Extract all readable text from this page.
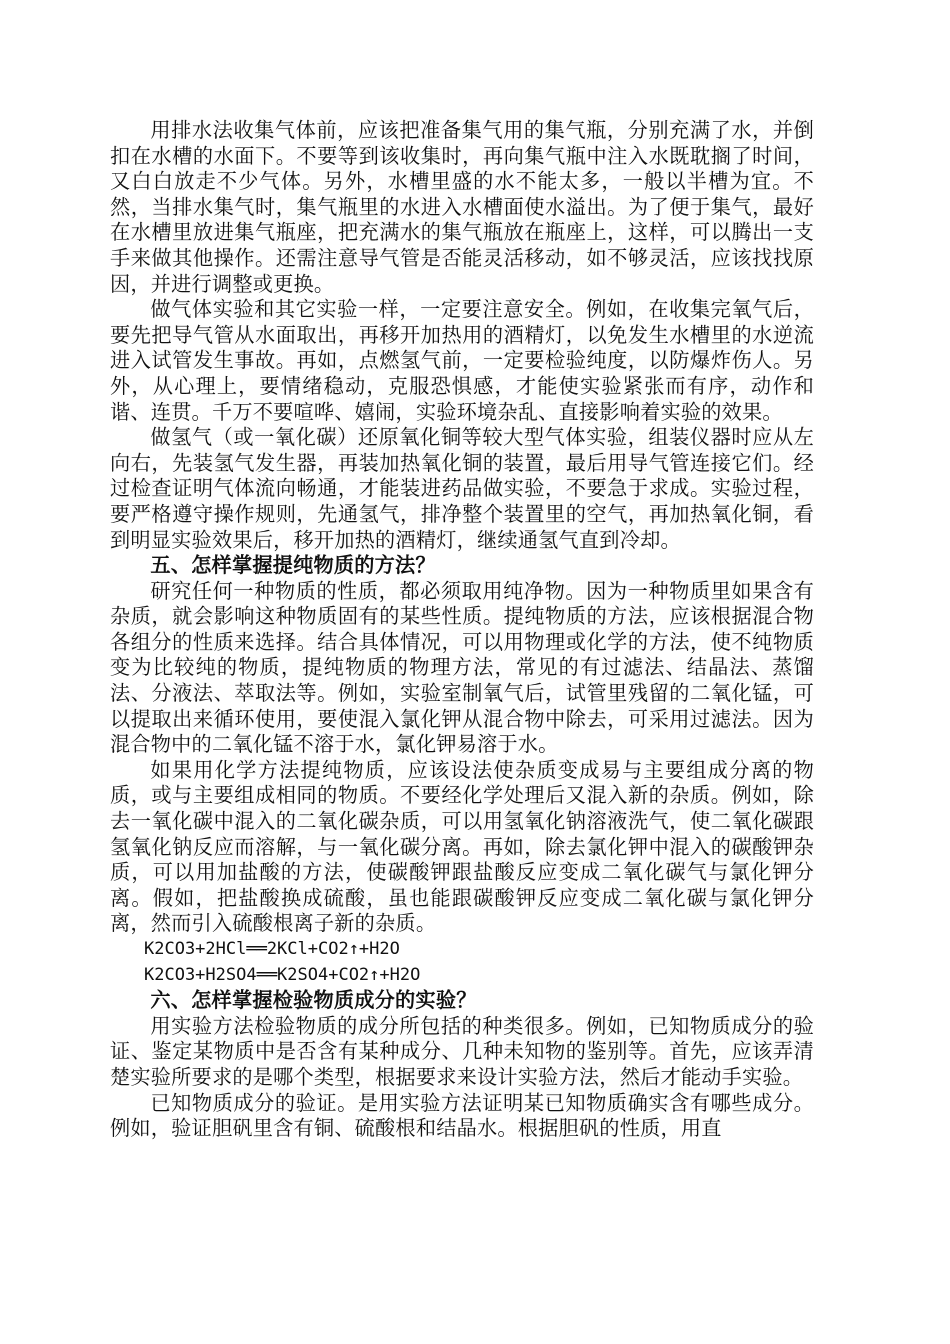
用排水法收集气体前，应该把准备集气用的集气瓶，分别充满了水，并倒扣在水槽的水面下。不要等到该收集时，再向集气瓶中注入水既耽搁了时间，又白白放走不少气体。另外，水槽里盛的水不能太多，一般以半槽为宜。不然，当排水集气时，集气瓶里的水进入水槽面使水溢出。为了便于集气，最好在水槽里放进集气瓶座，把充满水的集气瓶放在瓶座上，这样，可以腾出一支手来做其他操作。还需注意导气管是否能灵活移动，如不够灵活，应该找找原因，并进行调整或更换。

做气体实验和其它实验一样，一定要注意安全。例如，在收集完氧气后，要先把导气管从水面取出，再移开加热用的酒精灯，以免发生水槽里的水逆流进入试管发生事故。再如，点燃氢气前，一定要检验纯度，以防爆炸伤人。另外，从心理上，要情绪稳动，克服恐惧感，才能使实验紧张而有序，动作和谐、连贯。千万不要喧哗、嬉闹，实验环境杂乱、直接影响着实验的效果。

做氢气（或一氧化碳）还原氧化铜等较大型气体实验，组装仪器时应从左向右，先装氢气发生器，再装加热氧化铜的装置，最后用导气管连接它们。经过检查证明气体流向畅通，才能装进药品做实验，不要急于求成。实验过程，要严格遵守操作规则，先通氢气，排净整个装置里的空气，再加热氧化铜，看到明显实验效果后，移开加热的酒精灯，继续通氢气直到冷却。

五、怎样掌握提纯物质的方法？

研究任何一种物质的性质，都必须取用纯净物。因为一种物质里如果含有杂质，就会影响这种物质固有的某些性质。提纯物质的方法，应该根据混合物各组分的性质来选择。结合具体情况，可以用物理或化学的方法，使不纯物质变为比较纯的物质，提纯物质的物理方法，常见的有过滤法、结晶法、蒸馏法、分液法、萃取法等。例如，实验室制氧气后，试管里残留的二氧化锰，可以提取出来循环使用，要使混入氯化钾从混合物中除去，可采用过滤法。因为混合物中的二氧化锰不溶于水，氯化钾易溶于水。

如果用化学方法提纯物质，应该设法使杂质变成易与主要组成分离的物质，或与主要组成相同的物质。不要经化学处理后又混入新的杂质。例如，除去一氧化碳中混入的二氧化碳杂质，可以用氢氧化钠溶液洗气，使二氧化碳跟氢氧化钠反应而溶解，与一氧化碳分离。再如，除去氯化钾中混入的碳酸钾杂质，可以用加盐酸的方法，使碳酸钾跟盐酸反应变成二氧化碳气与氯化钾分离。假如，把盐酸换成硫酸，虽也能跟碳酸钾反应变成二氧化碳与氯化钾分离，然而引入硫酸根离子新的杂质。

K2CO3+2HCl══2KCl+CO2↑+H2O

K2CO3+H2SO4══K2SO4+CO2↑+H2O

六、怎样掌握检验物质成分的实验？

用实验方法检验物质的成分所包括的种类很多。例如，已知物质成分的验证、鉴定某物质中是否含有某种成分、几种未知物的鉴别等。首先，应该弄清楚实验所要求的是哪个类型，根据要求来设计实验方法，然后才能动手实验。

已知物质成分的验证。是用实验方法证明某已知物质确实含有哪些成分。例如，验证胆矾里含有铜、硫酸根和结晶水。根据胆矾的性质，用直
